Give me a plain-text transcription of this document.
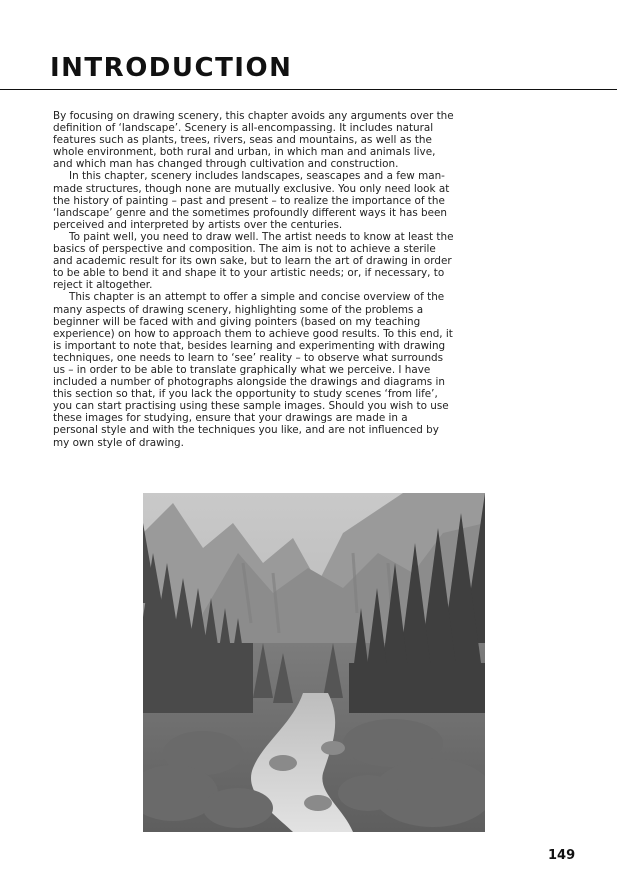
INTRODUCTION

By focusing on drawing scenery, this chapter avoids any arguments over the definition of ‘landscape’. Scenery is all-encompassing. It includes natural features such as plants, trees, rivers, seas and mountains, as well as the whole environment, both rural and urban, in which man and animals live, and which man has changed through cultivation and construction.

In this chapter, scenery includes landscapes, seascapes and a few man-made structures, though none are mutually exclusive. You only need look at the history of painting – past and present – to realize the importance of the ‘landscape’ genre and the sometimes profoundly different ways it has been perceived and interpreted by artists over the centuries.

To paint well, you need to draw well. The artist needs to know at least the basics of perspective and composition. The aim is not to achieve a sterile and academic result for its own sake, but to learn the art of drawing in order to be able to bend it and shape it to your artistic needs; or, if necessary, to reject it altogether.

This chapter is an attempt to offer a simple and concise overview of the many aspects of drawing scenery, highlighting some of the problems a beginner will be faced with and giving pointers (based on my teaching experience) on how to approach them to achieve good results. To this end, it is important to note that, besides learning and experimenting with drawing techniques, one needs to learn to ‘see’ reality – to observe what surrounds us – in order to be able to translate graphically what we perceive. I have included a number of photographs alongside the drawings and diagrams in this section so that, if you lack the opportunity to study scenes ‘from life’, you can start practising using these sample images. Should you wish to use these images for studying, ensure that your drawings are made in a personal style and with the techniques you like, and are not influenced by my own style of drawing.

149
